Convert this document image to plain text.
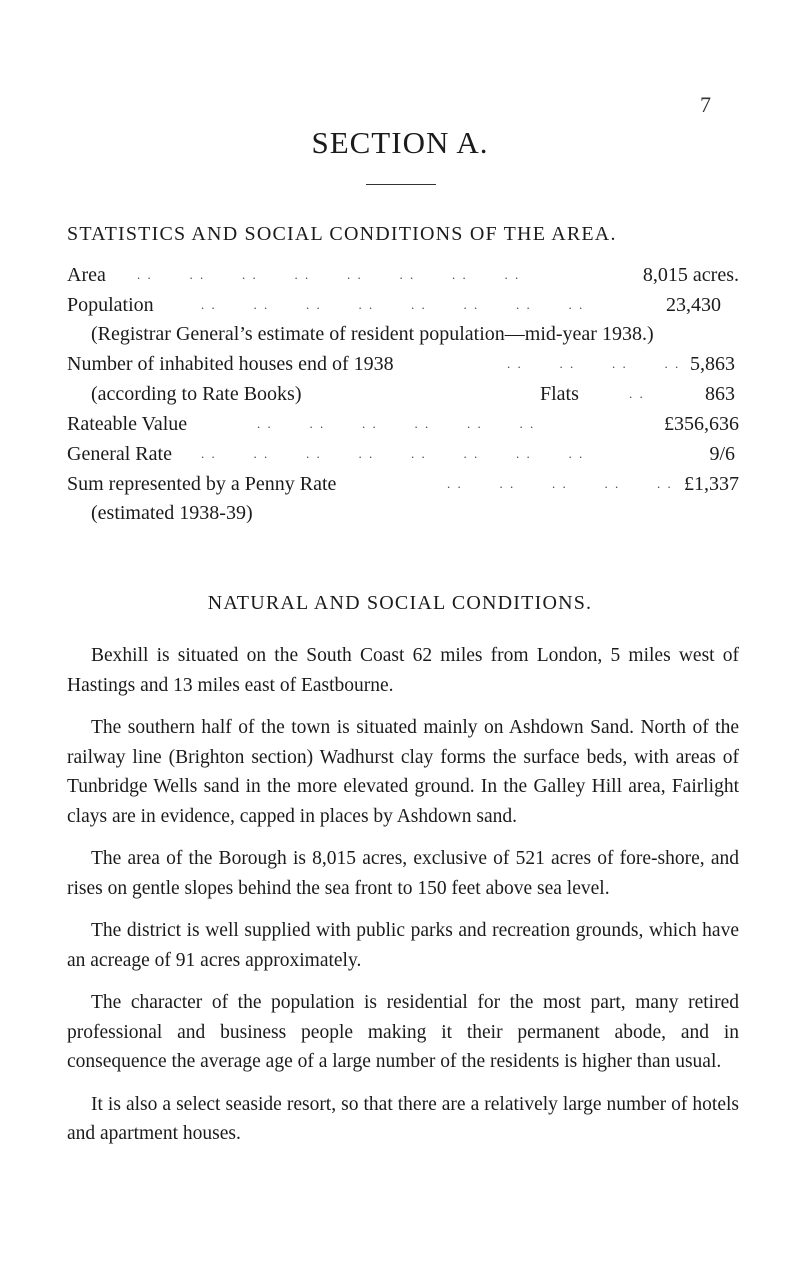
7
SECTION A.
STATISTICS AND SOCIAL CONDITIONS OF THE AREA.
Area . .       . .       . .       . .       . .       . .       . .       . .	8,015 acres.
Population	. .       . .       . .       . .       . .       . .       . .       . .	23,430
(Registrar General’s estimate of resident population—mid-year 1938.)
Number of inhabited houses end of 1938	. .       . .       . .       . . 5,863
(according to Rate Books)	Flats	. .	863
Rateable Value	. .       . .       . .       . .       . .       . .	£356,636
General Rate . .       . .       . .       . .       . .       . .       . .       . .	9/6
Sum represented by a Penny Rate	. .       . .       . .       . .       . . £1,337
(estimated 1938-39)
NATURAL AND SOCIAL CONDITIONS.

Bexhill is situated on the South Coast 62 miles from London, 5 miles west of Hastings and 13 miles east of Eastbourne.

The southern half of the town is situated mainly on Ashdown Sand. North of the railway line (Brighton section) Wadhurst clay forms the surface beds, with areas of Tunbridge Wells sand in the more elevated ground. In the Galley Hill area, Fairlight clays are in evidence, capped in places by Ashdown sand.

The area of the Borough is 8,015 acres, exclusive of 521 acres of fore-shore, and rises on gentle slopes behind the sea front to 150 feet above sea level.

The district is well supplied with public parks and recreation grounds, which have an acreage of 91 acres approximately.

The character of the population is residential for the most part, many retired professional and business people making it their permanent abode, and in consequence the average age of a large number of the residents is higher than usual.

It is also a select seaside resort, so that there are a relatively large number of hotels and apartment houses.
